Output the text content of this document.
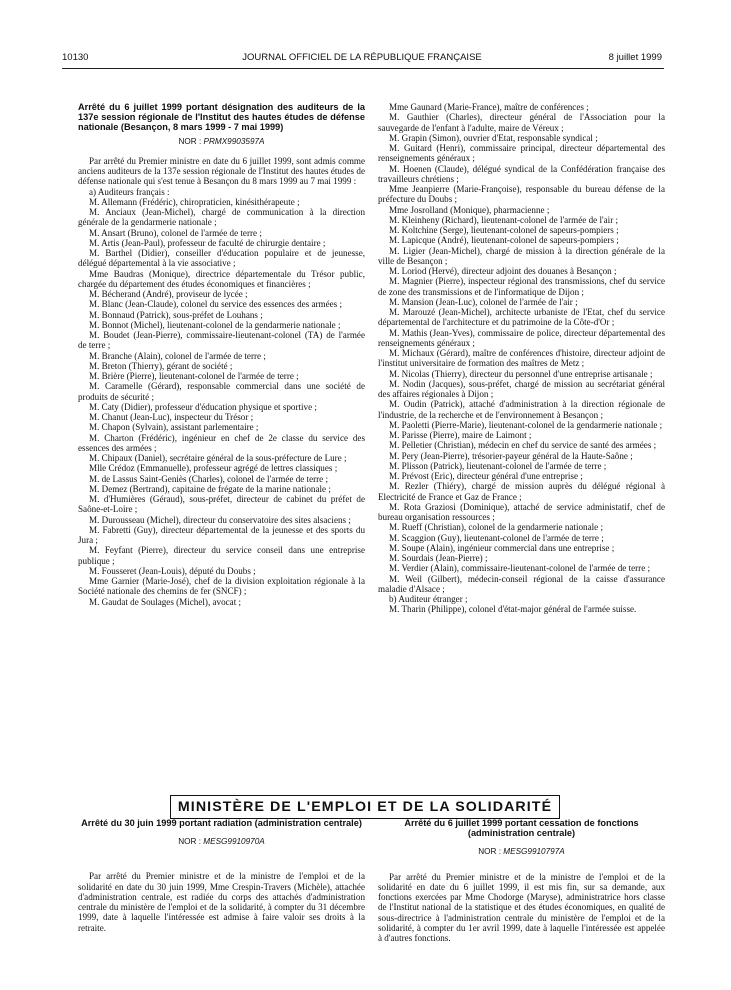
10130	JOURNAL OFFICIEL DE LA RÉPUBLIQUE FRANÇAISE	8 juillet 1999
Arrêté du 6 juillet 1999 portant désignation des auditeurs de la 137e session régionale de l'Institut des hautes études de défense nationale (Besançon, 8 mars 1999 - 7 mai 1999)
NOR : PRMX9903597A

Par arrêté du Premier ministre en date du 6 juillet 1999, sont admis comme anciens auditeurs de la 137e session régionale de l'Institut des hautes études de défense nationale qui s'est tenue à Besançon du 8 mars 1999 au 7 mai 1999 :

a) Auditeurs français :

M. Allemann (Frédéric), chiropraticien, kinésithérapeute ;

M. Anciaux (Jean-Michel), chargé de communication à la direction générale de la gendarmerie nationale ;

M. Ansart (Bruno), colonel de l'armée de terre ;

M. Artis (Jean-Paul), professeur de faculté de chirurgie dentaire ;

M. Barthel (Didier), conseiller d'éducation populaire et de jeunesse, délégué départemental à la vie associative ;

Mme Baudras (Monique), directrice départementale du Trésor public, chargée du département des études économiques et financières ;

M. Bécherand (André), proviseur de lycée ;

M. Blanc (Jean-Claude), colonel du service des essences des armées ;

M. Bonnaud (Patrick), sous-préfet de Louhans ;

M. Bonnot (Michel), lieutenant-colonel de la gendarmerie nationale ;

M. Boudet (Jean-Pierre), commissaire-lieutenant-colonel (TA) de l'armée de terre ;

M. Branche (Alain), colonel de l'armée de terre ;

M. Breton (Thierry), gérant de société ;

M. Brière (Pierre), lieutenant-colonel de l'armée de terre ;

M. Caramelle (Gérard), responsable commercial dans une société de produits de sécurité ;

M. Caty (Didier), professeur d'éducation physique et sportive ;

M. Chanut (Jean-Luc), inspecteur du Trésor ;

M. Chapon (Sylvain), assistant parlementaire ;

M. Charton (Frédéric), ingénieur en chef de 2e classe du service des essences des armées ;

M. Chipaux (Daniel), secrétaire général de la sous-préfecture de Lure ;

Mlle Crédoz (Emmanuelle), professeur agrégé de lettres classiques ;

M. de Lassus Saint-Geniès (Charles), colonel de l'armée de terre ;

M. Demez (Bertrand), capitaine de frégate de la marine nationale ;

M. d'Humières (Géraud), sous-préfet, directeur de cabinet du préfet de Saône-et-Loire ;

M. Durousseau (Michel), directeur du conservatoire des sites alsaciens ;

M. Fabretti (Guy), directeur départemental de la jeunesse et des sports du Jura ;

M. Feyfant (Pierre), directeur du service conseil dans une entreprise publique ;

M. Fousseret (Jean-Louis), député du Doubs ;

Mme Garnier (Marie-José), chef de la division exploitation régionale à la Société nationale des chemins de fer (SNCF) ;

M. Gaudat de Soulages (Michel), avocat ;

Mme Gaunard (Marie-France), maître de conférences ;

M. Gauthier (Charles), directeur général de l'Association pour la sauvegarde de l'enfant à l'adulte, maire de Véreux ;

M. Grapin (Simon), ouvrier d'Etat, responsable syndical ;

M. Guitard (Henri), commissaire principal, directeur départemental des renseignements généraux ;

M. Hoenen (Claude), délégué syndical de la Confédération française des travailleurs chrétiens ;

Mme Jeanpierre (Marie-Françoise), responsable du bureau défense de la préfecture du Doubs ;

Mme Josrolland (Monique), pharmacienne ;

M. Kleinheny (Richard), lieutenant-colonel de l'armée de l'air ;

M. Koltchine (Serge), lieutenant-colonel de sapeurs-pompiers ;

M. Lapicque (André), lieutenant-colonel de sapeurs-pompiers ;

M. Ligier (Jean-Michel), chargé de mission à la direction générale de la ville de Besançon ;

M. Loriod (Hervé), directeur adjoint des douanes à Besançon ;

M. Magnier (Pierre), inspecteur régional des transmissions, chef du service de zone des transmissions et de l'informatique de Dijon ;

M. Mansion (Jean-Luc), colonel de l'armée de l'air ;

M. Marouzé (Jean-Michel), architecte urbaniste de l'Etat, chef du service départemental de l'architecture et du patrimoine de la Côte-d'Or ;

M. Mathis (Jean-Yves), commissaire de police, directeur départemental des renseignements généraux ;

M. Michaux (Gérard), maître de conférences d'histoire, directeur adjoint de l'institut universitaire de formation des maîtres de Metz ;

M. Nicolas (Thierry), directeur du personnel d'une entreprise artisanale ;

M. Nodin (Jacques), sous-préfet, chargé de mission au secrétariat général des affaires régionales à Dijon ;

M. Oudin (Patrick), attaché d'administration à la direction régionale de l'industrie, de la recherche et de l'environnement à Besançon ;

M. Paoletti (Pierre-Marie), lieutenant-colonel de la gendarmerie nationale ;

M. Parisse (Pierre), maire de Laimont ;

M. Pelletier (Christian), médecin en chef du service de santé des armées ;

M. Pery (Jean-Pierre), trésorier-payeur général de la Haute-Saône ;

M. Plisson (Patrick), lieutenant-colonel de l'armée de terre ;

M. Prévost (Eric), directeur général d'une entreprise ;

M. Rezler (Thiéry), chargé de mission auprès du délégué régional à Electricité de France et Gaz de France ;

M. Rota Graziosi (Dominique), attaché de service administatif, chef de bureau organisation ressources ;

M. Rueff (Christian), colonel de la gendarmerie nationale ;

M. Scaggion (Guy), lieutenant-colonel de l'armée de terre ;

M. Soupe (Alain), ingénieur commercial dans une entreprise ;

M. Sourdais (Jean-Pierre) ;

M. Verdier (Alain), commissaire-lieutenant-colonel de l'armée de terre ;

M. Weil (Gilbert), médecin-conseil régional de la caisse d'assurance maladie d'Alsace ;

b) Auditeur étranger ;

M. Tharin (Philippe), colonel d'état-major général de l'armée suisse.

MINISTÈRE DE L'EMPLOI ET DE LA SOLIDARITÉ
Arrêté du 30 juin 1999 portant radiation (administration centrale)
NOR : MESG9910970A

Par arrêté du Premier ministre et de la ministre de l'emploi et de la solidarité en date du 30 juin 1999, Mme Crespin-Travers (Michèle), attachée d'administration centrale, est radiée du corps des attachés d'administration centrale du ministère de l'emploi et de la solidarité, à compter du 31 décembre 1999, date à laquelle l'intéressée est admise à faire valoir ses droits à la retraite.

Arrêté du 6 juillet 1999 portant cessation de fonctions (administration centrale)
NOR : MESG9910797A

Par arrêté du Premier ministre et de la ministre de l'emploi et de la solidarité en date du 6 juillet 1999, il est mis fin, sur sa demande, aux fonctions exercées par Mme Chodorge (Maryse), administratrice hors classe de l'Institut national de la statistique et des études économiques, en qualité de sous-directrice à l'administration centrale du ministère de l'emploi et de la solidarité, à compter du 1er avril 1999, date à laquelle l'intéressée est appelée à d'autres fonctions.
